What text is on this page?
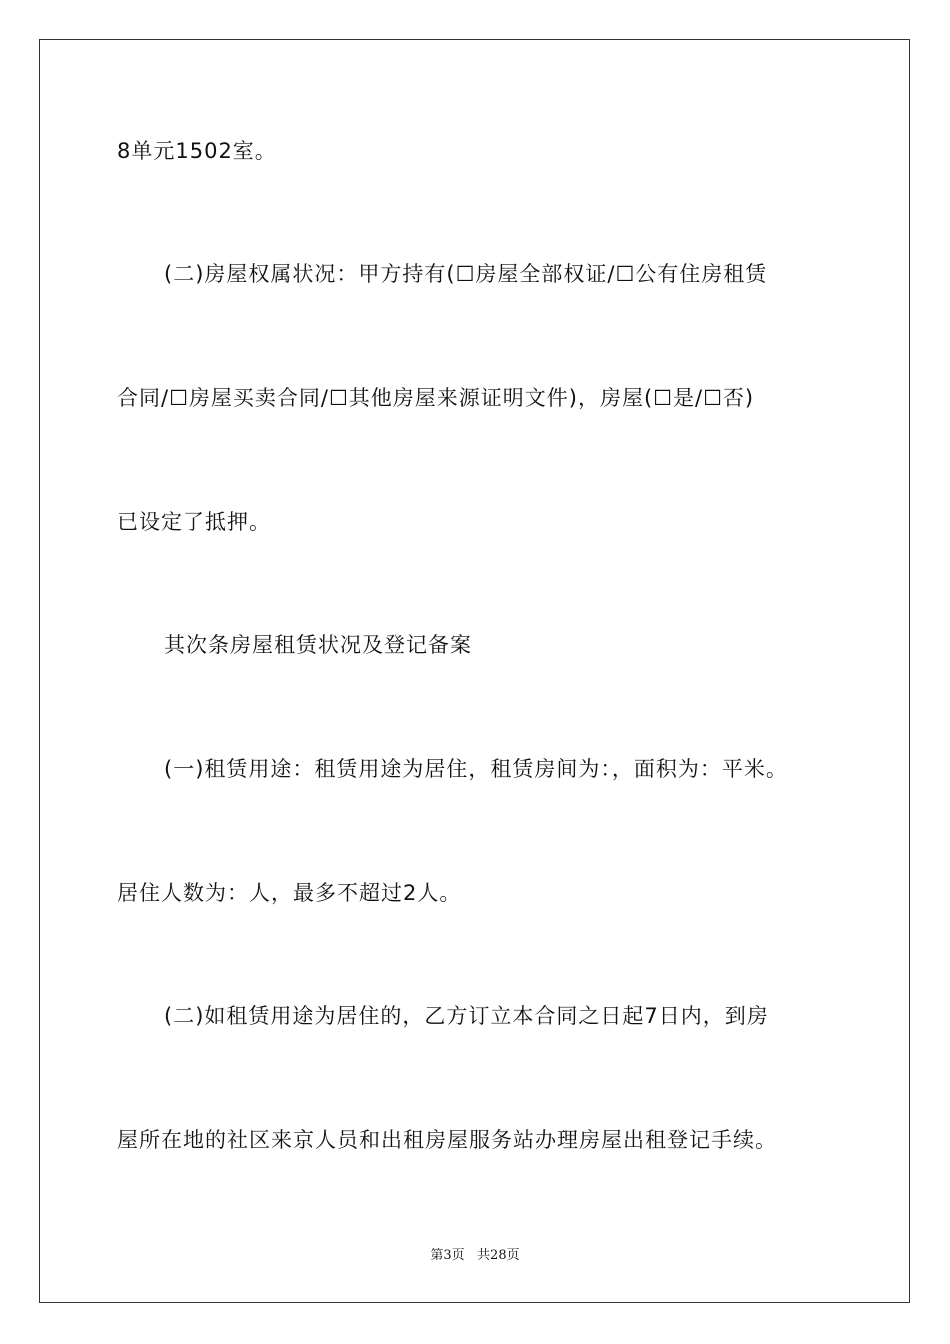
8单元1502室。
(二)房屋权属状况：甲方持有(☐房屋全部权证/☐公有住房租赁
合同/☐房屋买卖合同/☐其他房屋来源证明文件)，房屋(☐是/☐否)
已设定了抵押。
其次条房屋租赁状况及登记备案
(一)租赁用途：租赁用途为居住，租赁房间为：，面积为：平米。
居住人数为：人，最多不超过2人。
(二)如租赁用途为居住的，乙方订立本合同之日起7日内，到房
屋所在地的社区来京人员和出租房屋服务站办理房屋出租登记手续。
第3页   共28页
